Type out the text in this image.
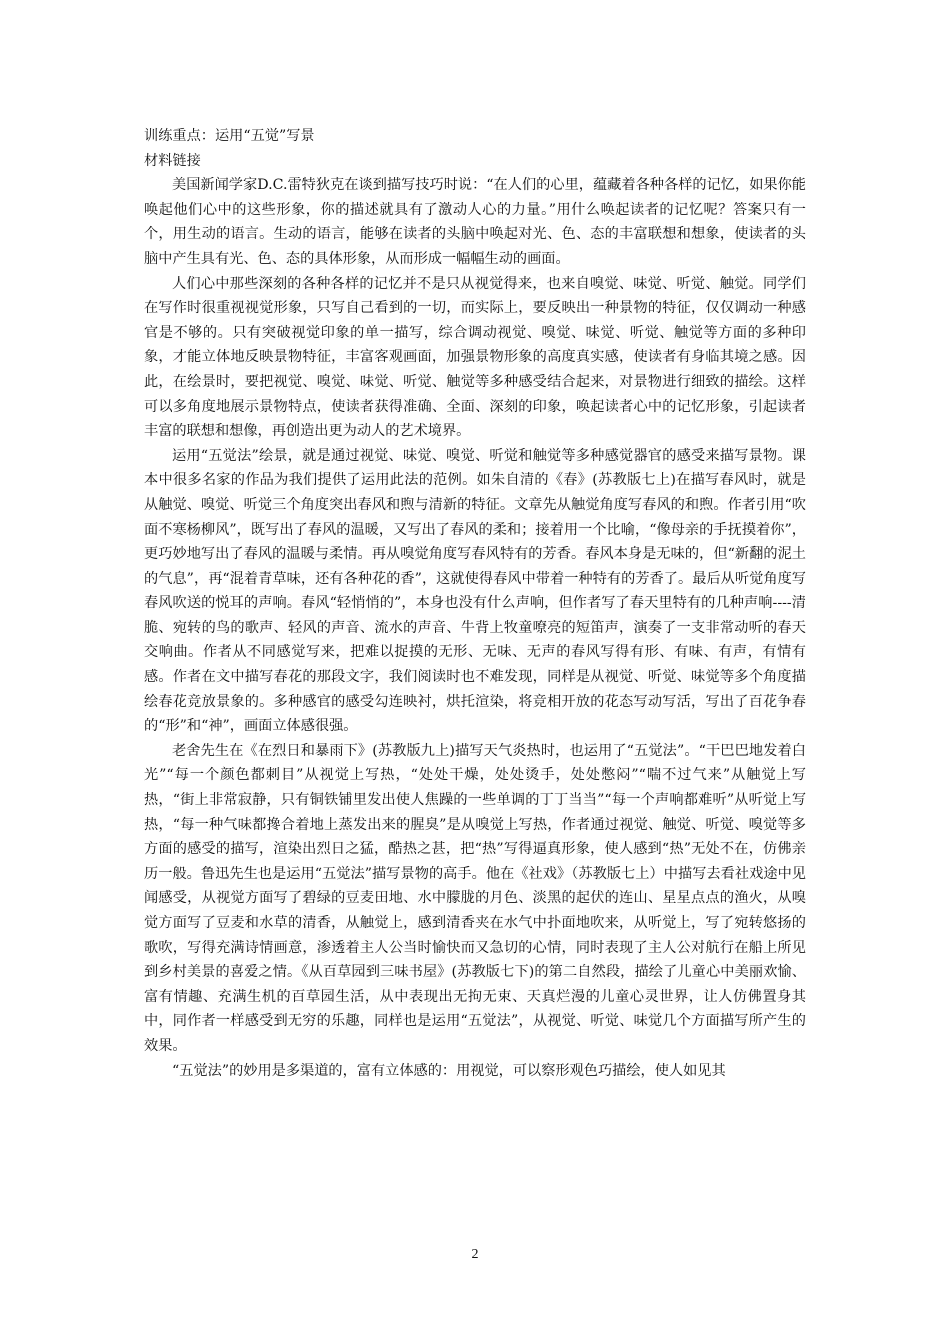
训练重点：运用“五觉”写景

材料链接

美国新闻学家D.C.雷特狄克在谈到描写技巧时说：“在人们的心里，蕴藏着各种各样的记忆，如果你能唤起他们心中的这些形象，你的描述就具有了激动人心的力量。”用什么唤起读者的记忆呢？答案只有一个，用生动的语言。生动的语言，能够在读者的头脑中唤起对光、色、态的丰富联想和想象，使读者的头脑中产生具有光、色、态的具体形象，从而形成一幅幅生动的画面。

人们心中那些深刻的各种各样的记忆并不是只从视觉得来，也来自嗅觉、味觉、听觉、触觉。同学们在写作时很重视视觉形象，只写自己看到的一切，而实际上，要反映出一种景物的特征，仅仅调动一种感官是不够的。只有突破视觉印象的单一描写，综合调动视觉、嗅觉、味觉、听觉、触觉等方面的多种印象，才能立体地反映景物特征，丰富客观画面，加强景物形象的高度真实感，使读者有身临其境之感。因此，在绘景时，要把视觉、嗅觉、味觉、听觉、触觉等多种感受结合起来，对景物进行细致的描绘。这样可以多角度地展示景物特点，使读者获得准确、全面、深刻的印象，唤起读者心中的记忆形象，引起读者丰富的联想和想像，再创造出更为动人的艺术境界。

运用“五觉法”绘景，就是通过视觉、味觉、嗅觉、听觉和触觉等多种感觉器官的感受来描写景物。课本中很多名家的作品为我们提供了运用此法的范例。如朱自清的《春》(苏教版七上)在描写春风时，就是从触觉、嗅觉、听觉三个角度突出春风和煦与清新的特征。文章先从触觉角度写春风的和煦。作者引用“吹面不寒杨柳风”，既写出了春风的温暖，又写出了春风的柔和；接着用一个比喻，“像母亲的手抚摸着你”，更巧妙地写出了春风的温暖与柔情。再从嗅觉角度写春风特有的芳香。春风本身是无味的，但“新翻的泥土的气息”，再“混着青草味，还有各种花的香”，这就使得春风中带着一种特有的芳香了。最后从听觉角度写春风吹送的悦耳的声响。春风“轻悄悄的”，本身也没有什么声响，但作者写了春天里特有的几种声响----清脆、宛转的鸟的歌声、轻风的声音、流水的声音、牛背上牧童嘹亮的短笛声，演奏了一支非常动听的春天交响曲。作者从不同感觉写来，把难以捉摸的无形、无味、无声的春风写得有形、有味、有声，有情有感。作者在文中描写春花的那段文字，我们阅读时也不难发现，同样是从视觉、听觉、味觉等多个角度描绘春花竞放景象的。多种感官的感受勾连映衬，烘托渲染，将竞相开放的花态写动写活，写出了百花争春的“形”和“神”，画面立体感很强。

老舍先生在《在烈日和暴雨下》(苏教版九上)描写天气炎热时，也运用了“五觉法”。“干巴巴地发着白光”“每一个颜色都刺目”从视觉上写热，“处处干燥，处处烫手，处处憋闷”“喘不过气来”从触觉上写热，“街上非常寂静，只有铜铁铺里发出使人焦躁的一些单调的丁丁当当”“每一个声响都难听”从听觉上写热，“每一种气味都搀合着地上蒸发出来的腥臭”是从嗅觉上写热，作者通过视觉、触觉、听觉、嗅觉等多方面的感受的描写，渲染出烈日之猛，酷热之甚，把“热”写得逼真形象，使人感到“热”无处不在，仿佛亲历一般。鲁迅先生也是运用“五觉法”描写景物的高手。他在《社戏》（苏教版七上）中描写去看社戏途中见闻感受，从视觉方面写了碧绿的豆麦田地、水中朦胧的月色、淡黑的起伏的连山、星星点点的渔火，从嗅觉方面写了豆麦和水草的清香，从触觉上，感到清香夹在水气中扑面地吹来，从听觉上，写了宛转悠扬的歌吹，写得充满诗情画意，渗透着主人公当时愉快而又急切的心情，同时表现了主人公对航行在船上所见到乡村美景的喜爱之情。《从百草园到三味书屋》(苏教版七下)的第二自然段，描绘了儿童心中美丽欢愉、富有情趣、充满生机的百草园生活，从中表现出无拘无束、天真烂漫的儿童心灵世界，让人仿佛置身其中，同作者一样感受到无穷的乐趣，同样也是运用“五觉法”，从视觉、听觉、味觉几个方面描写所产生的效果。

“五觉法”的妙用是多渠道的，富有立体感的：用视觉，可以察形观色巧描绘，使人如见其

2
